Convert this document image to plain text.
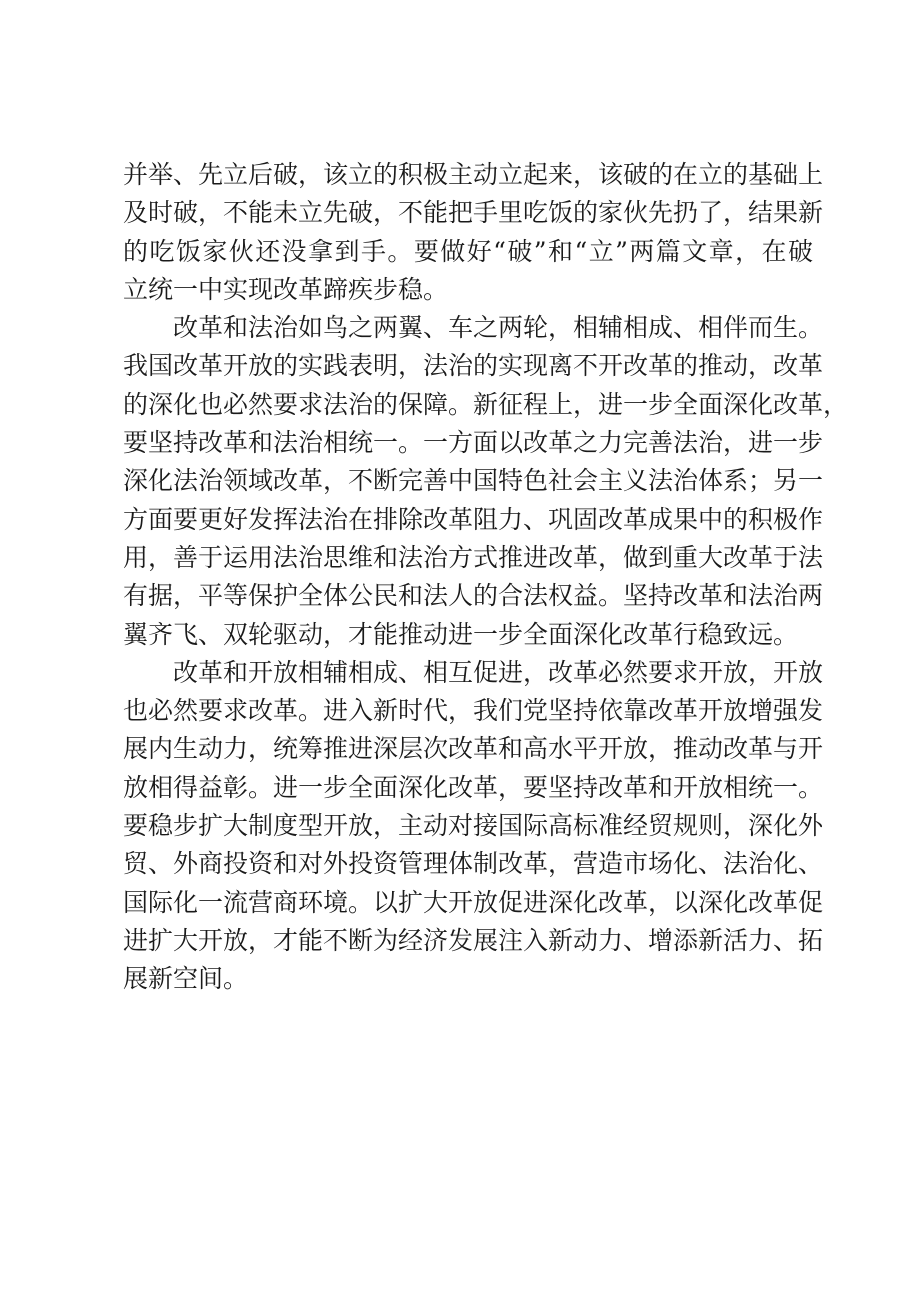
并举、先立后破，该立的积极主动立起来，该破的在立的基础上
及时破，不能未立先破，不能把手里吃饭的家伙先扔了，结果新
的吃饭家伙还没拿到手。要做好“破”和“立”两篇文章，在破
立统一中实现改革蹄疾步稳。
改革和法治如鸟之两翼、车之两轮，相辅相成、相伴而生。
我国改革开放的实践表明，法治的实现离不开改革的推动，改革
的深化也必然要求法治的保障。新征程上，进一步全面深化改革，
要坚持改革和法治相统一。一方面以改革之力完善法治，进一步
深化法治领域改革，不断完善中国特色社会主义法治体系；另一
方面要更好发挥法治在排除改革阻力、巩固改革成果中的积极作
用，善于运用法治思维和法治方式推进改革，做到重大改革于法
有据，平等保护全体公民和法人的合法权益。坚持改革和法治两
翼齐飞、双轮驱动，才能推动进一步全面深化改革行稳致远。
改革和开放相辅相成、相互促进，改革必然要求开放，开放
也必然要求改革。进入新时代，我们党坚持依靠改革开放增强发
展内生动力，统筹推进深层次改革和高水平开放，推动改革与开
放相得益彰。进一步全面深化改革，要坚持改革和开放相统一。
要稳步扩大制度型开放，主动对接国际高标准经贸规则，深化外
贸、外商投资和对外投资管理体制改革，营造市场化、法治化、
国际化一流营商环境。以扩大开放促进深化改革，以深化改革促
进扩大开放，才能不断为经济发展注入新动力、增添新活力、拓
展新空间。
